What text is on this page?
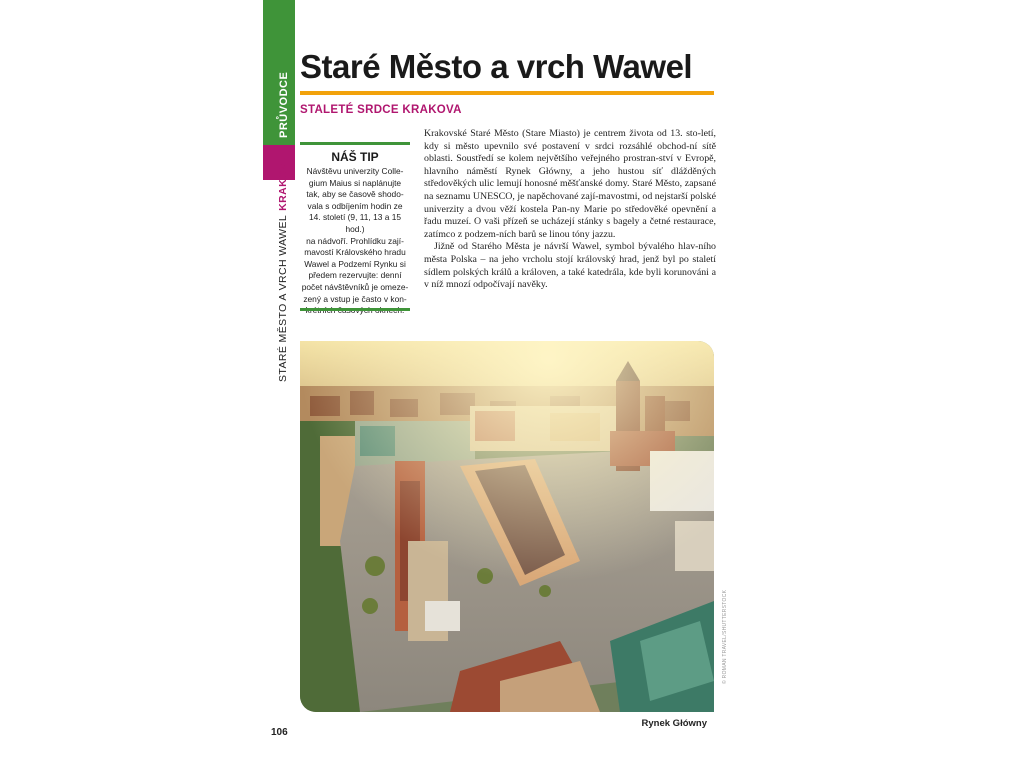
PRŮVODCE
STARÉ MĚSTO A VRCH WAWELKRAKOV
Staré Město a vrch Wawel
STALETÉ SRDCE KRAKOVA
NÁŠ TIP
Návštěvu univerzity Colle-
gium Maius si naplánujte
tak, aby se časově shodo-
vala s odbíjením hodin ze
14. století (9, 11, 13 a 15 hod.)
na nádvoří. Prohlídku zají-
mavostí Královského hradu
Wawel a Podzemí Rynku si
předem rezervujte: denní
počet návštěvníků je omeze-
zený a vstup je často v kon-

Krakovské Staré Město (Stare Miasto) je centrem života od 13. sto-letí, kdy si město upevnilo své postavení v srdci rozsáhlé obchod-ní sítě oblasti. Soustředí se kolem největšího veřejného prostran-ství v Evropě, hlavního náměstí Rynek Główny, a jeho hustou síť dlážděných středověkých ulic lemují honosné měšťanské domy. Staré Město, zapsané na seznamu UNESCO, je napěchované zají-mavostmi, od nejstarší polské univerzity a dvou věží kostela Pan-ny Marie po středověké opevnění a řadu muzeí. O vaši přízeň se ucházejí stánky s bagely a četné restaurace, zatímco z podzem-ních barů se linou tóny jazzu.

Jižně od Starého Města je návrší Wawel, symbol bývalého hlav-ního města Polska – na jeho vrcholu stojí královský hrad, jenž byl po staletí sídlem polských králů a královen, a také katedrála, kde byli korunováni a v níž mnozí odpočívají navěky.

© ROMAN TRAVEL/SHUTTERSTOCK
Rynek Główny
106
